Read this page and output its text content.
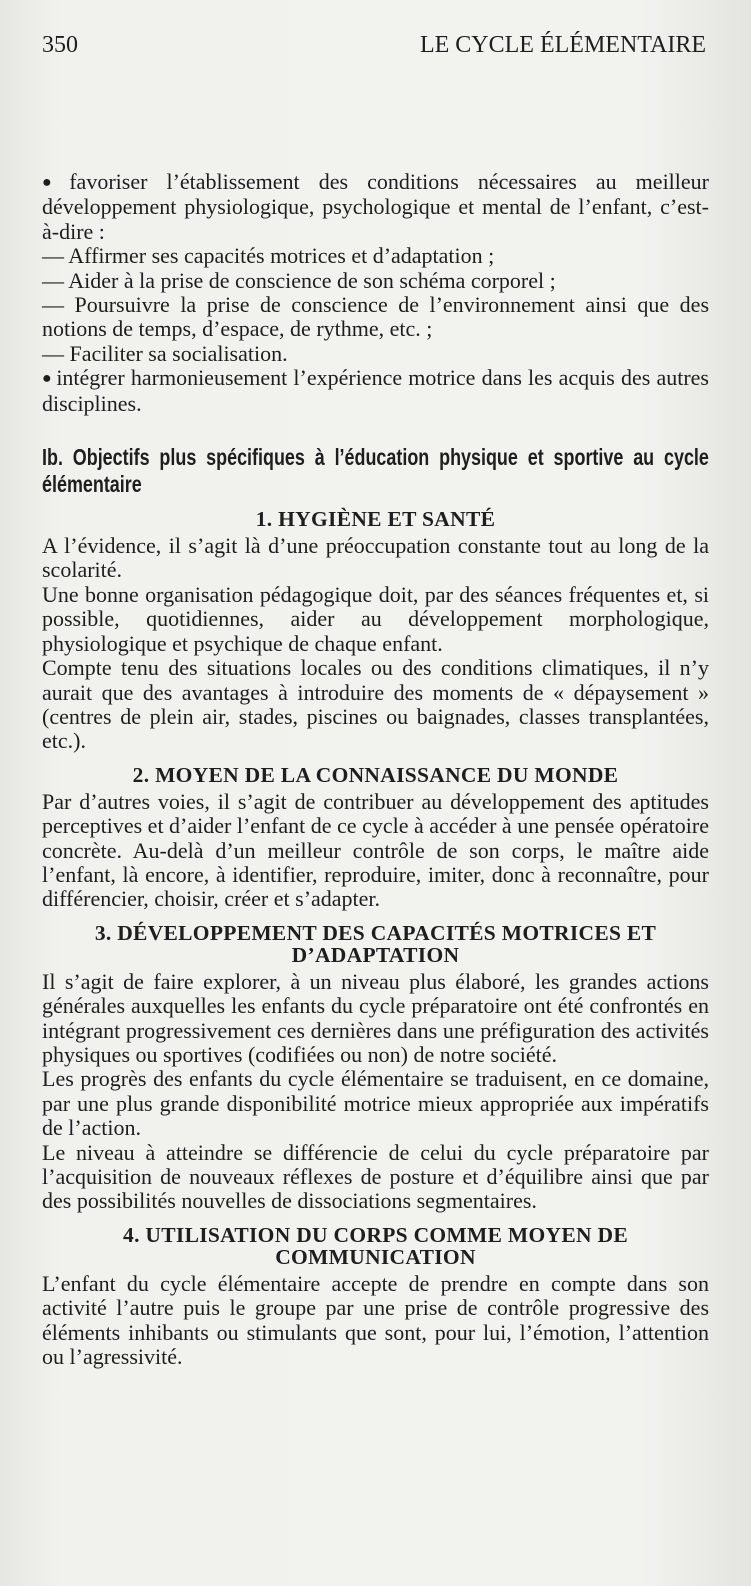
350	LE CYCLE ÉLÉMENTAIRE

● favoriser l’établissement des conditions nécessaires au meilleur développement physiologique, psychologique et mental de l’enfant, c’est-à-dire :

— Affirmer ses capacités motrices et d’adaptation ;

— Aider à la prise de conscience de son schéma corporel ;

— Poursuivre la prise de conscience de l’environnement ainsi que des notions de temps, d’espace, de rythme, etc. ;

— Faciliter sa socialisation.

● intégrer harmonieusement l’expérience motrice dans les acquis des autres disciplines.

Ib. Objectifs plus spécifiques à l’éducation physique et sportive au cycle élémentaire
1. HYGIÈNE ET SANTÉ

A l’évidence, il s’agit là d’une préoccupation constante tout au long de la scolarité.

Une bonne organisation pédagogique doit, par des séances fréquentes et, si possible, quotidiennes, aider au développement morphologique, physiologique et psychique de chaque enfant.

Compte tenu des situations locales ou des conditions climatiques, il n’y aurait que des avantages à introduire des moments de « dépaysement » (centres de plein air, stades, piscines ou baignades, classes transplantées, etc.).

2. MOYEN DE LA CONNAISSANCE DU MONDE

Par d’autres voies, il s’agit de contribuer au développement des aptitudes perceptives et d’aider l’enfant de ce cycle à accéder à une pensée opératoire concrète. Au-delà d’un meilleur contrôle de son corps, le maître aide l’enfant, là encore, à identifier, reproduire, imiter, donc à reconnaître, pour différencier, choisir, créer et s’adapter.

3. DÉVELOPPEMENT DES CAPACITÉS MOTRICES ET D’ADAPTATION

Il s’agit de faire explorer, à un niveau plus élaboré, les grandes actions générales auxquelles les enfants du cycle préparatoire ont été confrontés en intégrant progressivement ces dernières dans une préfiguration des activités physiques ou sportives (codifiées ou non) de notre société.

Les progrès des enfants du cycle élémentaire se traduisent, en ce domaine, par une plus grande disponibilité motrice mieux appropriée aux impératifs de l’action.

Le niveau à atteindre se différencie de celui du cycle préparatoire par l’acquisition de nouveaux réflexes de posture et d’équilibre ainsi que par des possibilités nouvelles de dissociations segmentaires.

4. UTILISATION DU CORPS COMME MOYEN DE COMMUNICATION

L’enfant du cycle élémentaire accepte de prendre en compte dans son activité l’autre puis le groupe par une prise de contrôle progressive des éléments inhibants ou stimulants que sont, pour lui, l’émotion, l’attention ou l’agressivité.
